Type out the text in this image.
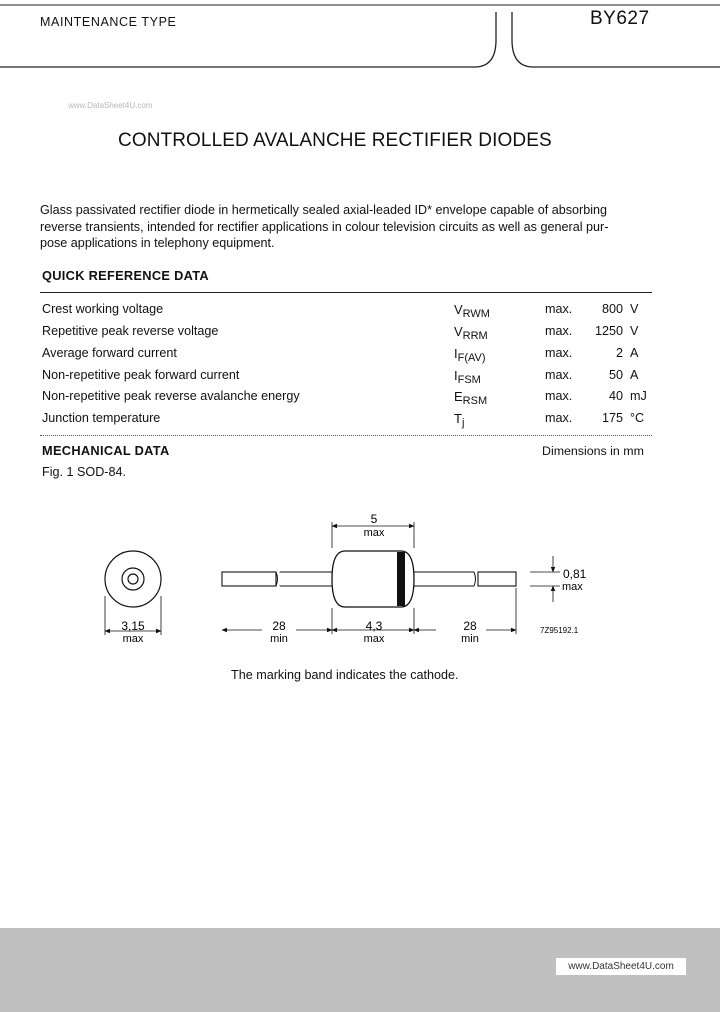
MAINTENANCE TYPE	BY627
www.DataSheet4U.com
CONTROLLED AVALANCHE RECTIFIER DIODES

Glass passivated rectifier diode in hermetically sealed axial-leaded ID* envelope capable of absorbing
reverse transients, intended for rectifier applications in colour television circuits as well as general pur-
pose applications in telephony equipment.

QUICK REFERENCE DATA
Crest working voltage	$V_{RWM}$	max.	800 V
Repetitive peak reverse voltage	$V_{RRM}$	max.	1250 V
Average forward current	$I_{F(AV)}$	max.	2 A
Non-repetitive peak forward current	$I_{FSM}$	max.	50 A
Non-repetitive peak reverse avalanche energy	$E_{RSM}$	max.	40 mJ
Junction temperature	$T_j$	max.	175 °C
MECHANICAL DATA	Dimensions in mm
Fig. 1 SOD-84.
5
max
0,81
max
3,15
max
28
min
4,3
max
28
min
7Z95192.1
The marking band indicates the cathode.
www.DataSheet4U.com
